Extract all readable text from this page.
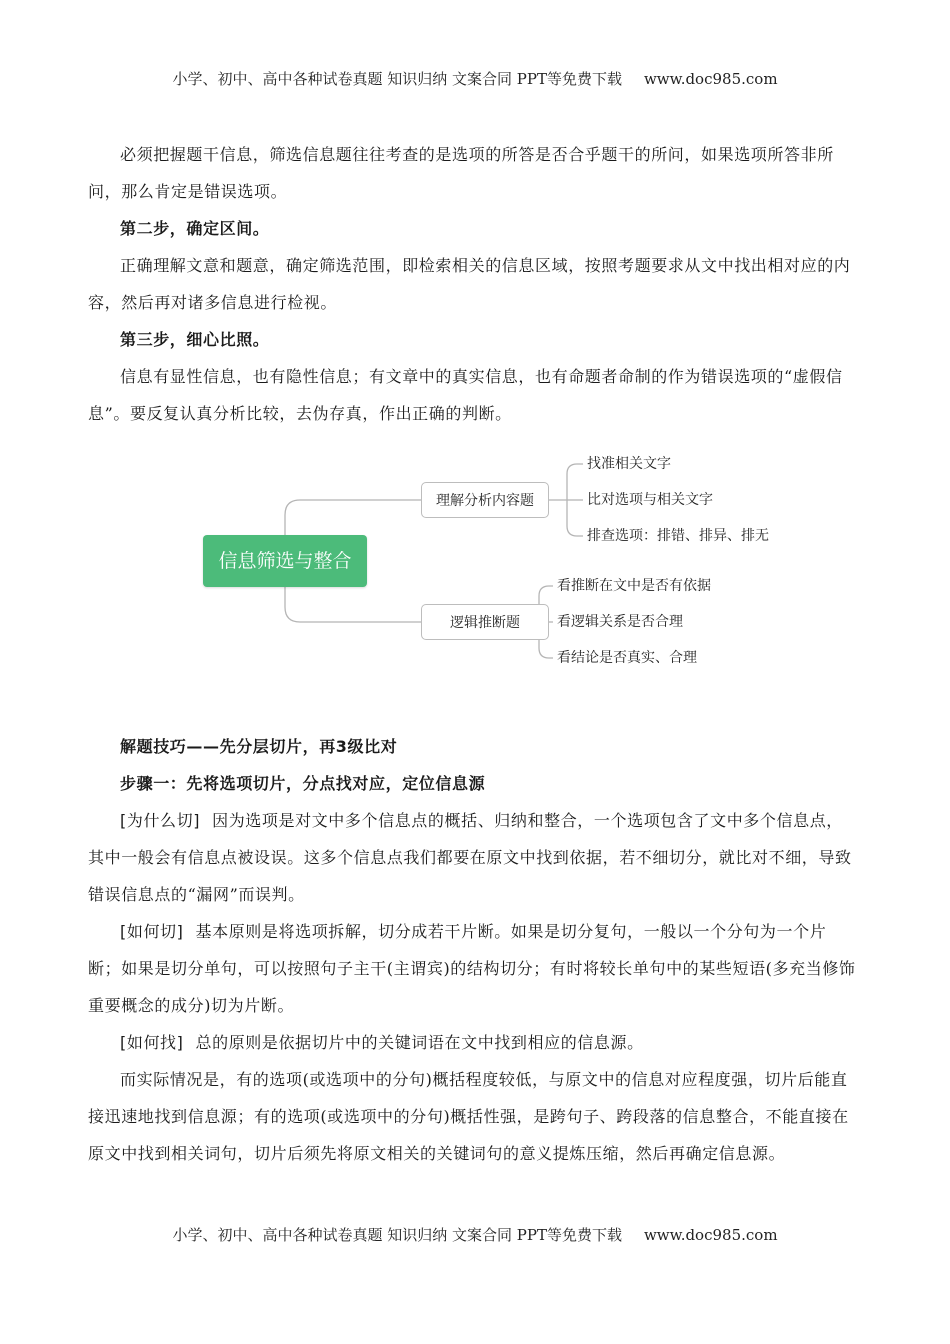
小学、初中、高中各种试卷真题 知识归纳 文案合同 PPT等免费下载 www.doc985.com

必须把握题干信息，筛选信息题往往考查的是选项的所答是否合乎题干的所问，如果选项所答非所问，那么肯定是错误选项。

第二步，确定区间。

正确理解文意和题意，确定筛选范围，即检索相关的信息区域，按照考题要求从文中找出相对应的内容，然后再对诸多信息进行检视。

第三步，细心比照。

信息有显性信息，也有隐性信息；有文章中的真实信息，也有命题者命制的作为错误选项的“虚假信息”。要反复认真分析比较，去伪存真，作出正确的判断。

信息筛选与整合
理解分析内容题
找准相关文字
比对选项与相关文字
排查选项：排错、排异、排无
逻辑推断题
看推断在文中是否有依据
看逻辑关系是否合理
看结论是否真实、合理

解题技巧——先分层切片，再3级比对

步骤一：先将选项切片，分点找对应，定位信息源

[为什么切] 因为选项是对文中多个信息点的概括、归纳和整合，一个选项包含了文中多个信息点，其中一般会有信息点被设误。这多个信息点我们都要在原文中找到依据，若不细切分，就比对不细，导致错误信息点的“漏网”而误判。

[如何切] 基本原则是将选项拆解，切分成若干片断。如果是切分复句，一般以一个分句为一个片断；如果是切分单句，可以按照句子主干(主谓宾)的结构切分；有时将较长单句中的某些短语(多充当修饰重要概念的成分)切为片断。

[如何找] 总的原则是依据切片中的关键词语在文中找到相应的信息源。

而实际情况是，有的选项(或选项中的分句)概括程度较低，与原文中的信息对应程度强，切片后能直接迅速地找到信息源；有的选项(或选项中的分句)概括性强，是跨句子、跨段落的信息整合，不能直接在原文中找到相关词句，切片后须先将原文相关的关键词句的意义提炼压缩，然后再确定信息源。

小学、初中、高中各种试卷真题 知识归纳 文案合同 PPT等免费下载 www.doc985.com
